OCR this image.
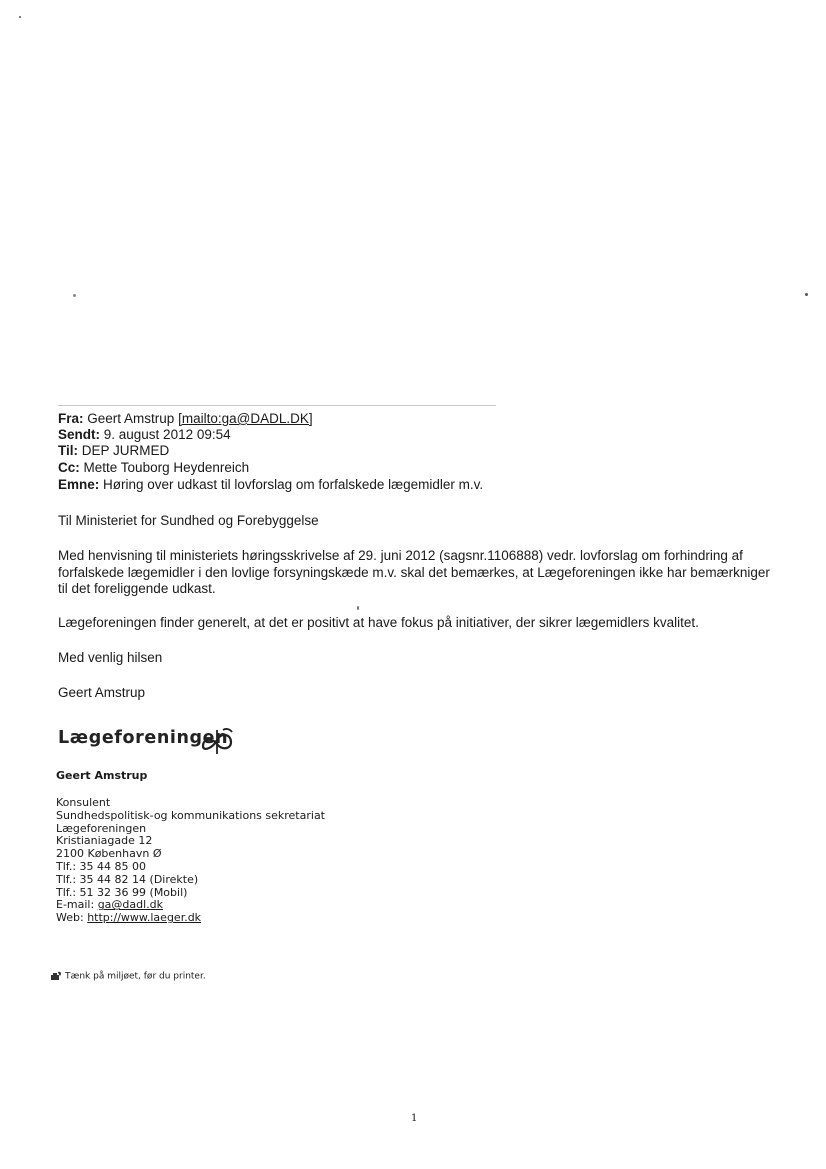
Fra: Geert Amstrup [mailto:ga@DADL.DK]
Sendt: 9. august 2012 09:54
Til: DEP JURMED
Cc: Mette Touborg Heydenreich
Emne: Høring over udkast til lovforslag om forfalskede lægemidler m.v.
Til Ministeriet for Sundhed og Forebyggelse
Med henvisning til ministeriets høringsskrivelse af 29. juni 2012 (sagsnr.1106888) vedr. lovforslag om forhindring af forfalskede lægemidler i den lovlige forsyningskæde m.v. skal det bemærkes, at Lægeforeningen ikke har bemærkniger til det foreliggende udkast.
Lægeforeningen finder generelt, at det er positivt at have fokus på initiativer, der sikrer lægemidlers kvalitet.
Med venlig hilsen
Geert Amstrup
Lægeforeningen
Geert Amstrup
Konsulent
Sundhedspolitisk-og kommunikations sekretariat
Lægeforeningen
Kristianiagade 12
2100 København Ø
Tlf.: 35 44 85 00
Tlf.: 35 44 82 14 (Direkte)
Tlf.: 51 32 36 99 (Mobil)
E-mail: ga@dadl.dk
Web: http://www.laeger.dk
Tænk på miljøet, før du printer.
1
